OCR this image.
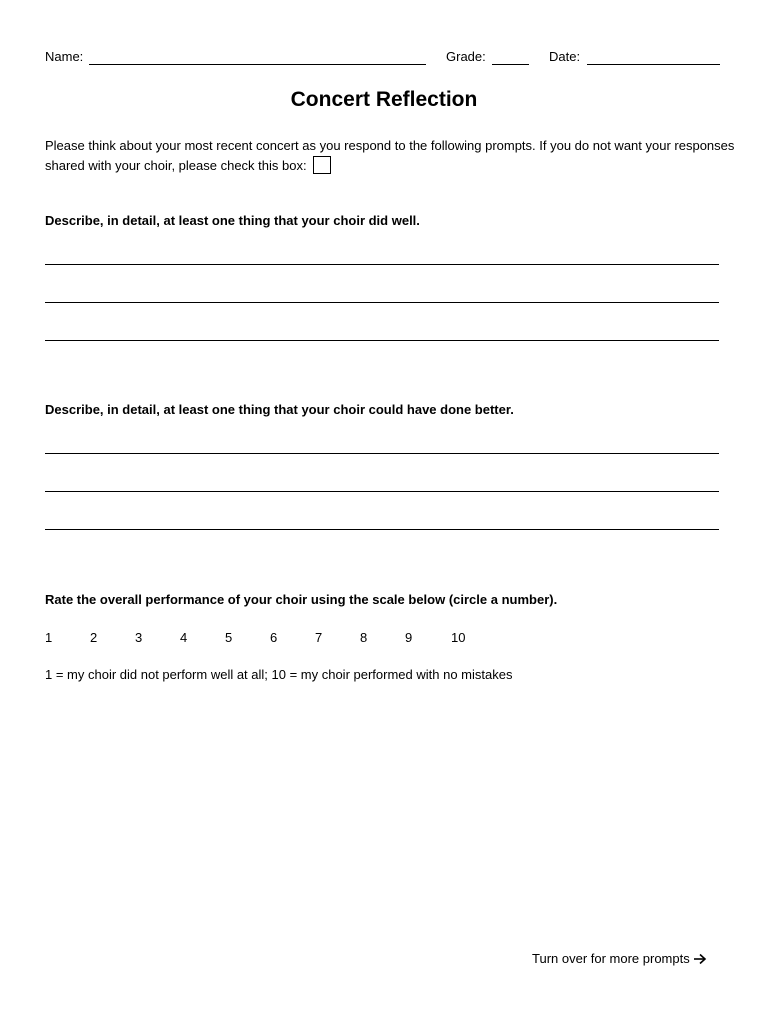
Name:	Grade:	Date:
Concert Reflection
Please think about your most recent concert as you respond to the following prompts. If you do not want your responses shared with your choir, please check this box:
Describe, in detail, at least one thing that your choir did well.
Describe, in detail, at least one thing that your choir could have done better.
Rate the overall performance of your choir using the scale below (circle a number).
1	2	3	4	5	6	7	8	9	10
1 = my choir did not perform well at all; 10 = my choir performed with no mistakes
Turn over for more prompts
